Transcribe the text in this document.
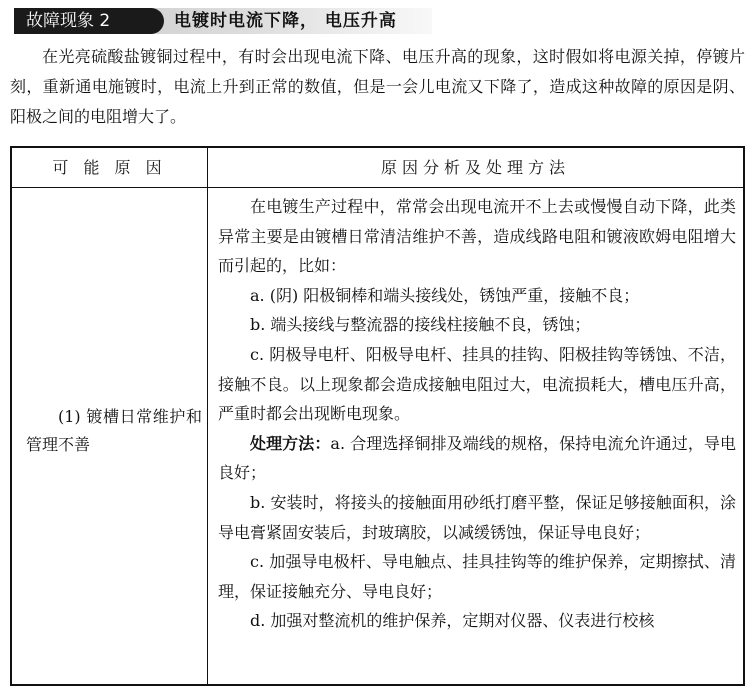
故障现象 2	电镀时电流下降， 电压升高

在光亮硫酸盐镀铜过程中，有时会出现电流下降、电压升高的现象，这时假如将电源关掉，停镀片刻，重新通电施镀时，电流上升到正常的数值，但是一会儿电流又下降了，造成这种故障的原因是阴、阳极之间的电阻增大了。

可 能 原 因	原因分析及处理方法

(1) 镀槽日常维护和管理不善

在电镀生产过程中，常常会出现电流开不上去或慢慢自动下降，此类异常主要是由镀槽日常清洁维护不善，造成线路电阻和镀液欧姆电阻增大而引起的，比如：

a. (阴) 阳极铜棒和端头接线处，锈蚀严重，接触不良；

b. 端头接线与整流器的接线柱接触不良，锈蚀；

c. 阴极导电杆、阳极导电杆、挂具的挂钩、阳极挂钩等锈蚀、不洁，接触不良。以上现象都会造成接触电阻过大，电流损耗大，槽电压升高，严重时都会出现断电现象。

处理方法：a. 合理选择铜排及端线的规格，保持电流允许通过，导电良好；

b. 安装时，将接头的接触面用砂纸打磨平整，保证足够接触面积，涂导电膏紧固安装后，封玻璃胶，以减缓锈蚀，保证导电良好；

c. 加强导电极杆、导电触点、挂具挂钩等的维护保养，定期擦拭、清理，保证接触充分、导电良好；

d. 加强对整流机的维护保养，定期对仪器、仪表进行校核
